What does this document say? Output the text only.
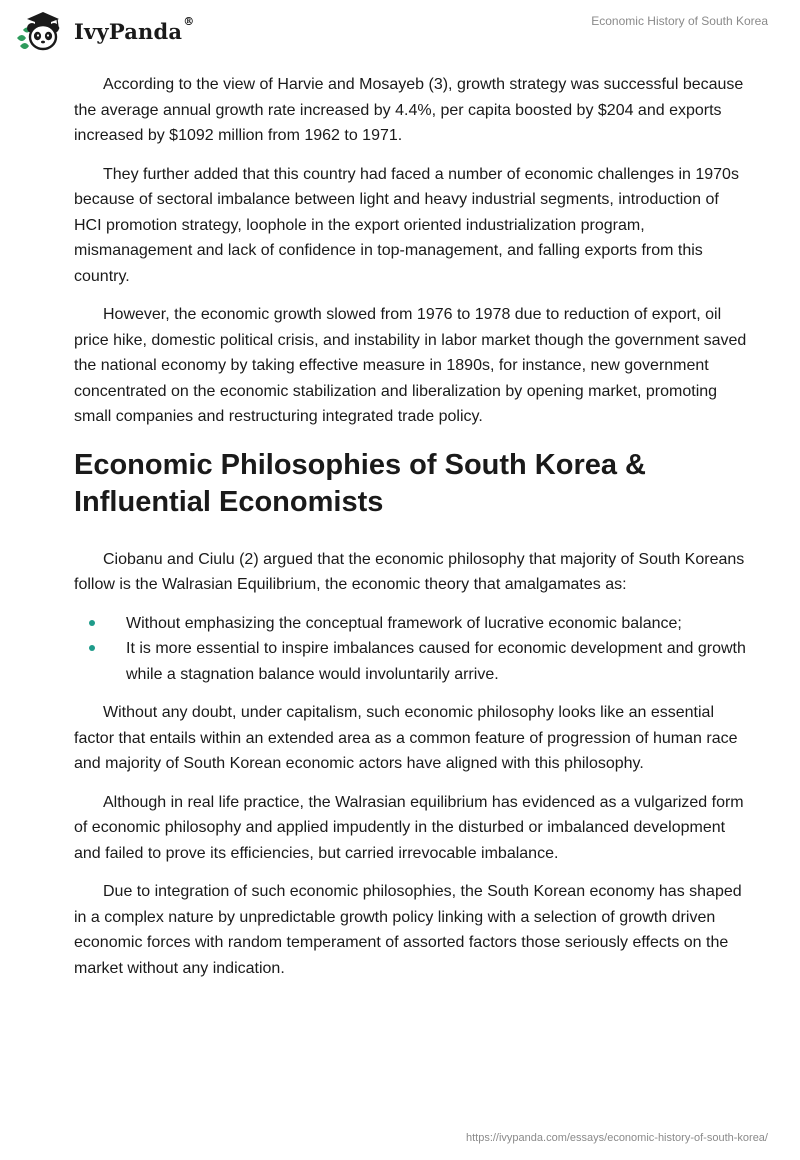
IvyPanda®	Economic History of South Korea

According to the view of Harvie and Mosayeb (3), growth strategy was successful because the average annual growth rate increased by 4.4%, per capita boosted by $204 and exports increased by $1092 million from 1962 to 1971.

They further added that this country had faced a number of economic challenges in 1970s because of sectoral imbalance between light and heavy industrial segments, introduction of HCI promotion strategy, loophole in the export oriented industrialization program, mismanagement and lack of confidence in top-management, and falling exports from this country.

However, the economic growth slowed from 1976 to 1978 due to reduction of export, oil price hike, domestic political crisis, and instability in labor market though the government saved the national economy by taking effective measure in 1890s, for instance, new government concentrated on the economic stabilization and liberalization by opening market, promoting small companies and restructuring integrated trade policy.

Economic Philosophies of South Korea & Influential Economists

Ciobanu and Ciulu (2) argued that the economic philosophy that majority of South Koreans follow is the Walrasian Equilibrium, the economic theory that amalgamates as:

Without emphasizing the conceptual framework of lucrative economic balance;
It is more essential to inspire imbalances caused for economic development and growth while a stagnation balance would involuntarily arrive.

Without any doubt, under capitalism, such economic philosophy looks like an essential factor that entails within an extended area as a common feature of progression of human race and majority of South Korean economic actors have aligned with this philosophy.

Although in real life practice, the Walrasian equilibrium has evidenced as a vulgarized form of economic philosophy and applied impudently in the disturbed or imbalanced development and failed to prove its efficiencies, but carried irrevocable imbalance.

Due to integration of such economic philosophies, the South Korean economy has shaped in a complex nature by unpredictable growth policy linking with a selection of growth driven economic forces with random temperament of assorted factors those seriously effects on the market without any indication.

https://ivypanda.com/essays/economic-history-of-south-korea/
